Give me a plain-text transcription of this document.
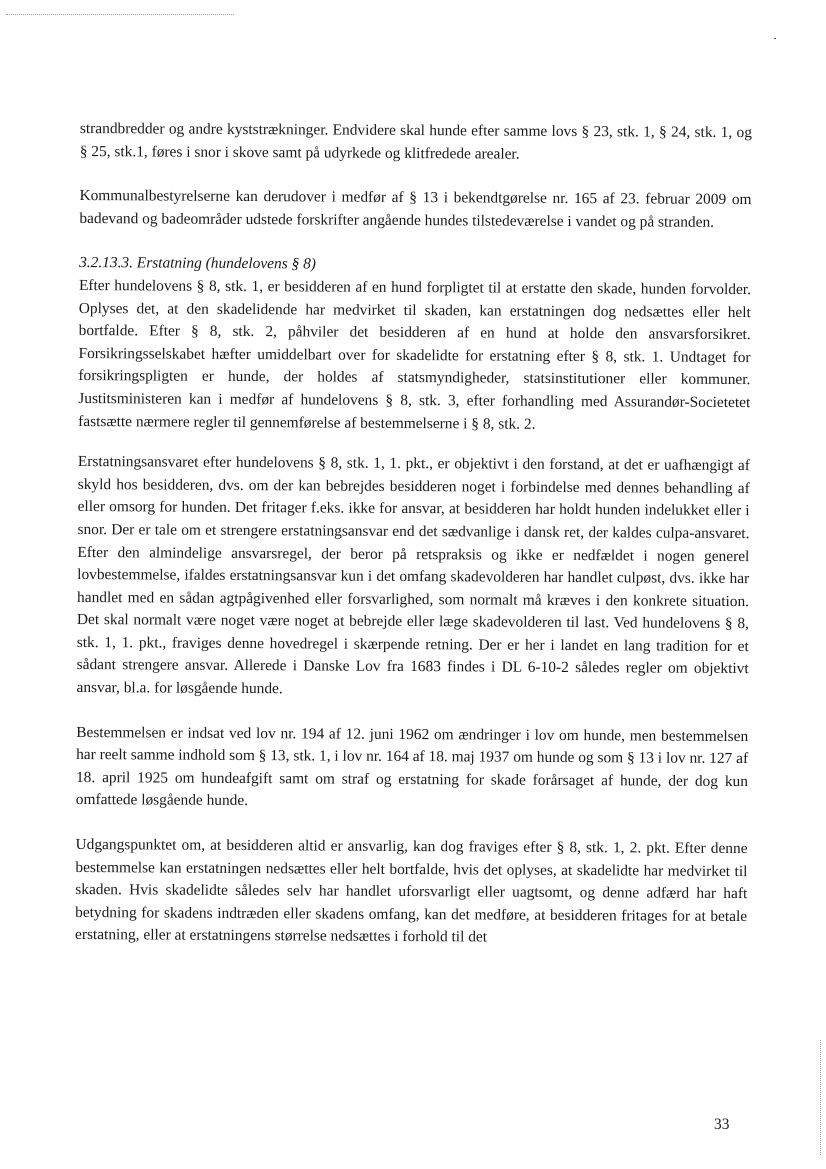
strandbredder og andre kyststrækninger. Endvidere skal hunde efter samme lovs § 23, stk. 1, § 24, stk. 1, og § 25, stk.1, føres i snor i skove samt på udyrkede og klitfredede arealer.

Kommunalbestyrelserne kan derudover i medfør af § 13 i bekendtgørelse nr. 165 af 23. februar 2009 om badevand og badeområder udstede forskrifter angående hundes tilstedeværelse i vandet og på stranden.

3.2.13.3. Erstatning (hundelovens § 8)

Efter hundelovens § 8, stk. 1, er besidderen af en hund forpligtet til at erstatte den skade, hunden forvolder. Oplyses det, at den skadelidende har medvirket til skaden, kan erstatningen dog nedsættes eller helt bortfalde. Efter § 8, stk. 2, påhviler det besidderen af en hund at holde den ansvarsforsikret. Forsikringsselskabet hæfter umiddelbart over for skadelidte for erstatning efter § 8, stk. 1. Undtaget for forsikringspligten er hunde, der holdes af statsmyndigheder, statsinstitutioner eller kommuner. Justitsministeren kan i medfør af hundelovens § 8, stk. 3, efter forhandling med Assurandør-Societetet fastsætte nærmere regler til gennemførelse af bestemmelserne i § 8, stk. 2.

Erstatningsansvaret efter hundelovens § 8, stk. 1, 1. pkt., er objektivt i den forstand, at det er uafhængigt af skyld hos besidderen, dvs. om der kan bebrejdes besidderen noget i forbindelse med dennes behandling af eller omsorg for hunden. Det fritager f.eks. ikke for ansvar, at besidderen har holdt hunden indelukket eller i snor. Der er tale om et strengere erstatningsansvar end det sædvanlige i dansk ret, der kaldes culpa-ansvaret. Efter den almindelige ansvarsregel, der beror på retspraksis og ikke er nedfældet i nogen generel lovbestemmelse, ifaldes erstatningsansvar kun i det omfang skadevolderen har handlet culpøst, dvs. ikke har handlet med en sådan agtpågivenhed eller forsvarlighed, som normalt må kræves i den konkrete situation. Det skal normalt være noget være noget at bebrejde eller læge skadevolderen til last. Ved hundelovens § 8, stk. 1, 1. pkt., fraviges denne hovedregel i skærpende retning. Der er her i landet en lang tradition for et sådant strengere ansvar. Allerede i Danske Lov fra 1683 findes i DL 6-10-2 således regler om objektivt ansvar, bl.a. for løsgående hunde.

Bestemmelsen er indsat ved lov nr. 194 af 12. juni 1962 om ændringer i lov om hunde, men bestemmelsen har reelt samme indhold som § 13, stk. 1, i lov nr. 164 af 18. maj 1937 om hunde og som § 13 i lov nr. 127 af 18. april 1925 om hundeafgift samt om straf og erstatning for skade forårsaget af hunde, der dog kun omfattede løsgående hunde.

Udgangspunktet om, at besidderen altid er ansvarlig, kan dog fraviges efter § 8, stk. 1, 2. pkt. Efter denne bestemmelse kan erstatningen nedsættes eller helt bortfalde, hvis det oplyses, at skadelidte har medvirket til skaden. Hvis skadelidte således selv har handlet uforsvarligt eller uagtsomt, og denne adfærd har haft betydning for skadens indtræden eller skadens omfang, kan det medføre, at besidderen fritages for at betale erstatning, eller at erstatningens størrelse nedsættes i forhold til det

33
